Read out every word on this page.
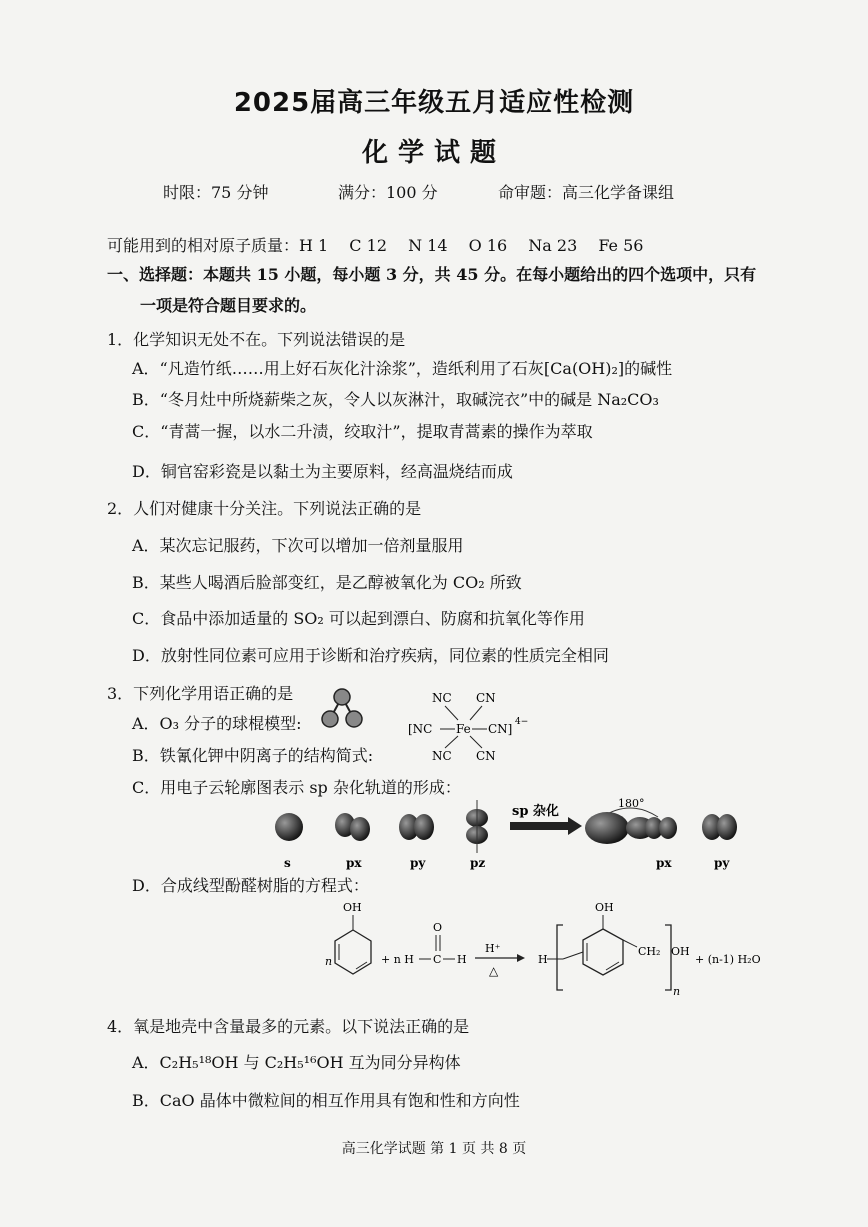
2025届高三年级五月适应性检测
化学试题
时限：75 分钟	满分：100 分	命审题：高三化学备课组
可能用到的相对原子质量：H 1　 C 12　 N 14　 O 16　 Na 23　 Fe 56
一、选择题：本题共 15 小题，每小题 3 分，共 45 分。在每小题给出的四个选项中，只有
一项是符合题目要求的。
1．化学知识无处不在。下列说法错误的是
A．“凡造竹纸……用上好石灰化汁涂浆”，造纸利用了石灰[Ca(OH)₂]的碱性
B．“冬月灶中所烧薪柴之灰，令人以灰淋汁，取碱浣衣”中的碱是 Na₂CO₃
C．“青蒿一握，以水二升渍，绞取汁”，提取青蒿素的操作为萃取
D．铜官窑彩瓷是以黏土为主要原料，经高温烧结而成
2．人们对健康十分关注。下列说法正确的是
A．某次忘记服药，下次可以增加一倍剂量服用
B．某些人喝酒后脸部变红，是乙醇被氧化为 CO₂ 所致
C．食品中添加适量的 SO₂ 可以起到漂白、防腐和抗氧化等作用
D．放射性同位素可应用于诊断和治疗疾病，同位素的性质完全相同
3．下列化学用语正确的是
A．O₃ 分子的球棍模型:
B．铁氰化钾中阴离子的结构简式:
NC CN
[NC Fe CN] 4−
NC CN
C．用电子云轮廓图表示 sp 杂化轨道的形成：
s	px	py	pz
sp 杂化
180°
px	py
D．合成线型酚醛树脂的方程式：
OH
n	+ n H C
O
H
H⁺
△
H
OH
CH₂ OH
n
+ (n-1) H₂O
4．氧是地壳中含量最多的元素。以下说法正确的是
A．C₂H₅¹⁸OH 与 C₂H₅¹⁶OH 互为同分异构体
B．CaO 晶体中微粒间的相互作用具有饱和性和方向性
高三化学试题 第 1 页 共 8 页
